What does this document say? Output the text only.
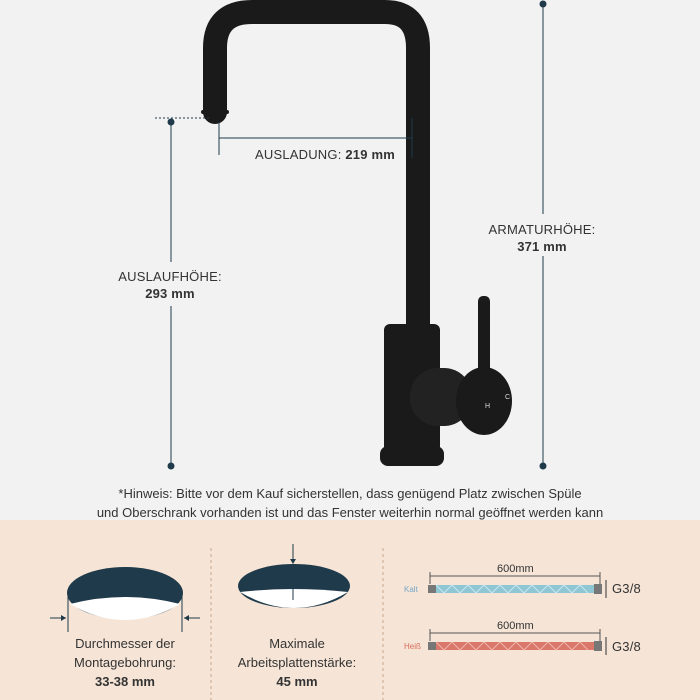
H
C
AUSLADUNG: 219 mm
AUSLAUFHÖHE:
293 mm
ARMATURHÖHE:
371 mm
*Hinweis: Bitte vor dem Kauf sicherstellen, dass genügend Platz zwischen Spüle
und Oberschrank vorhanden ist und das Fenster weiterhin normal geöffnet werden kann
Durchmesser der
Montagebohrung:
33-38 mm
Maximale
Arbeitsplattenstärke:
45 mm
600mm
600mm
Kalt
Heiß
G3/8
G3/8
